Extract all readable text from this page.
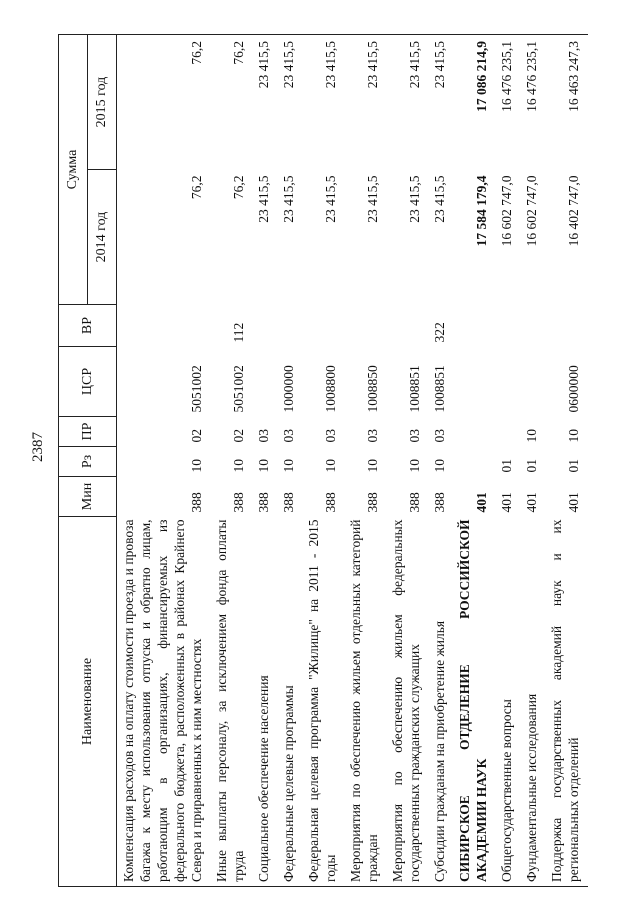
2387
Наименование	Мин	Рз	ПР	ЦСР	ВР	Сумма	
						2014 год	2015 год
Компенсация расходов на оплату стоимости проезда и провоза багажа к месту использования отпуска и обратно лицам, работающим в организациях, финансируемых из федерального бюджета, расположенных в районах Крайнего Севера и приравненных к ним местностях	388	10	02	5051002		76,2	76,2
Иные выплаты персоналу, за исключением фонда оплаты труда	388	10	02	5051002	112	76,2	76,2
Социальное обеспечение населения	388	10	03			23 415,5	23 415,5
Федеральные целевые программы	388	10	03	1000000		23 415,5	23 415,5
Федеральная целевая программа "Жилище" на 2011 - 2015 годы	388	10	03	1008800		23 415,5	23 415,5
Мероприятия по обеспечению жильем отдельных категорий граждан	388	10	03	1008850		23 415,5	23 415,5
Мероприятия по обеспечению жильем федеральных государственных гражданских служащих	388	10	03	1008851		23 415,5	23 415,5
Субсидии гражданам на приобретение жилья	388	10	03	1008851	322	23 415,5	23 415,5
СИБИРСКОЕ ОТДЕЛЕНИЕ РОССИЙСКОЙ АКАДЕМИИ НАУК	401					17 584 179,4	17 086 214,9
Общегосударственные вопросы	401	01				16 602 747,0	16 476 235,1
Фундаментальные исследования	401	01	10			16 602 747,0	16 476 235,1
Поддержка государственных академий наук и их региональных отделений	401	01	10	0600000		16 402 747,0	16 463 247,3
